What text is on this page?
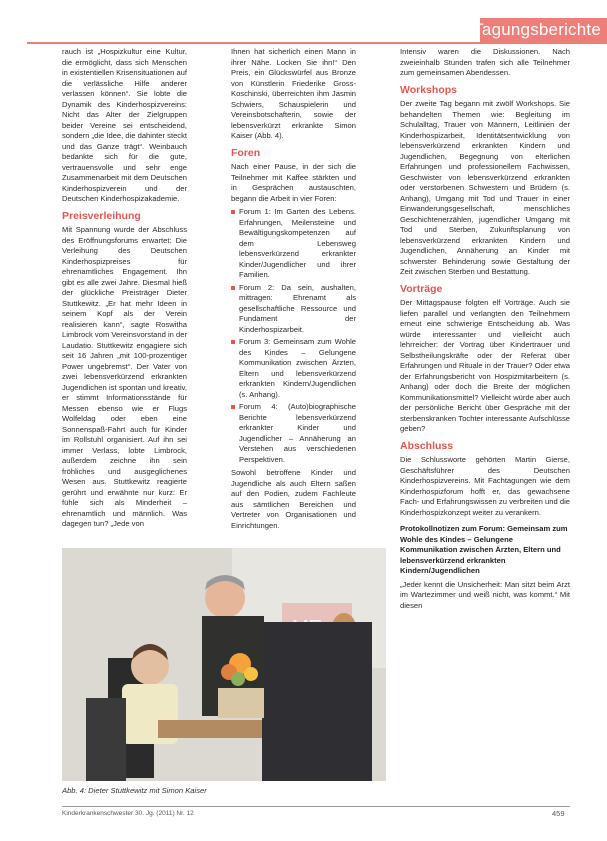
Tagungsberichte

rauch ist „Hospizkultur eine Kultur, die ermöglicht, dass sich Menschen in existentiellen Krisensituationen auf die verlässliche Hilfe anderer verlassen können“. Sie lobte die Dynamik des Kinderhospizvereins: Nicht das Alter der Zielgruppen beider Vereine sei entscheidend, sondern „die Idee, die dahinter steckt und das Ganze trägt“. Weinbauch bedankte sich für die gute, vertrauensvolle und sehr enge Zusammenarbeit mit dem Deutschen Kinderhospizverein und der Deutschen Kinderhospizakademie.

Preisverleihung

Mit Spannung wurde der Abschluss des Eröffnungsforums erwartet: Die Verleihung des Deutschen Kinderhospizpreises für ehrenamtliches Engagement. Ihn gibt es alle zwei Jahre. Diesmal hieß der glückliche Preisträger Dieter Stuttkewitz. „Er hat mehr Ideen in seinem Kopf als der Verein realisieren kann“, sagte Roswitha Limbrock vom Vereinsvorstand in der Laudatio. Stuttkewitz engagiere sich seit 16 Jahren „mit 100-prozentiger Power ungebremst“. Der Vater von zwei lebensverkürzend erkrankten Jugendlichen ist spontan und kreativ, er stimmt Informationsstände für Messen ebenso wie er Flugs Wolfeldag oder eben eine Sonnenspaß-Fahrt auch für Kinder im Rollstuhl organisiert. Auf ihn sei immer Verlass, lobte Limbrock, außerdem zeichne ihn sein fröhliches und ausgeglichenes Wesen aus. Stuttkewitz reagierte gerührt und erwähnte nur kurz: Er fühle sich als Minderheit – ehrenamtlich und männlich. Was dagegen tun? „Jede von

Ihnen hat sicherlich einen Mann in ihrer Nähe. Locken Sie ihn!“ Den Preis, ein Glückswürfel aus Bronze von Künstlerin Friederike Gross-Koschinski, überreichten ihm Jasmin Schwiers, Schauspielerin und Vereinsbotschafterin, sowie der lebensverkürzt erkrankte Simon Kaiser (Abb. 4).

Foren

Nach einer Pause, in der sich die Teilnehmer mit Kaffee stärkten und in Gesprächen austauschten, begann die Arbeit in vier Foren:

Forum 1: Im Garten des Lebens. Erfahrungen, Meilensteine und Bewältigungskompetenzen auf dem Lebensweg lebensverkürzend erkrankter Kinder/Jugendlicher und ihrer Familien.
Forum 2: Da sein, aushalten, mittragen: Ehrenamt als gesellschaftliche Ressource und Fundament der Kinderhospizarbeit.
Forum 3: Gemeinsam zum Wohle des Kindes – Gelungene Kommunikation zwischen Ärzten, Eltern und lebensverkürzend erkrankten Kindern/Jugendlichen (s. Anhang).
Forum 4: (Auto)biographische Berichte lebensverkürzend erkrankter Kinder und Jugendlicher – Annäherung an Verstehen aus verschiedenen Perspektiven.

Sowohl betroffene Kinder und Jugendliche als auch Eltern saßen auf den Podien, zudem Fachleute aus sämtlichen Bereichen und Vertreter von Organisationen und Einrichtungen.

Intensiv waren die Diskussionen. Nach zweieinhalb Stunden trafen sich alle Teilnehmer zum gemeinsamen Abendessen.

Workshops

Der zweite Tag begann mit zwölf Workshops. Sie behandelten Themen wie: Begleitung im Schulalltag, Trauer von Männern, Leitlinien der Kinderhospizarbeit, Identitätsentwicklung von lebensverkürzend erkrankten Kindern und Jugendlichen, Begegnung von elterlichen Erfahrungen und professionellem Fachwissen, Geschwister von lebensverkürzend erkrankten oder verstorbenen Schwestern und Brüdern (s. Anhang), Umgang mit Tod und Trauer in einer Einwanderungsgesellschaft, menschliches Geschichtenerzählen, jugendlicher Umgang mit Tod und Sterben, Zukunftsplanung von lebensverkürzend erkrankten Kindern und Jugendlichen, Annäherung an Kinder mit schwerster Behinderung sowie Gestaltung der Zeit zwischen Sterben und Bestattung.

Vorträge

Der Mittagspause folgten elf Vorträge. Auch sie liefen parallel und verlangten den Teilnehmern erneut eine schwierige Entscheidung ab. Was würde interessanter und vielleicht auch lehrreicher: der Vortrag über Kindertrauer und Selbstheilungskräfte oder der Referat über Erfahrungen und Rituale in der Trauer? Oder etwa der Erfahrungsbericht von Hospizmitarbeitern (s. Anhang) oder doch die Breite der möglichen Kommunikationsmittel? Vielleicht würde aber auch der persönliche Bericht über Gespräche mit der sterbenskranken Tochter interessante Aufschlüsse geben?

Abschluss

Die Schlussworte gehörten Martin Gierse, Geschäftsführer des Deutschen Kinderhospizvereins. Mit Fachtagungen wie dem Kinderhospizforum hofft er, das gewachsene Fach- und Erfahrungswissen zu verbreiten und die Kinderhospizkonzept weiter zu verankern.

Protokollnotizen zum Forum: Gemeinsam zum Wohle des Kindes – Gelungene Kommunikation zwischen Ärzten, Eltern und lebensverkürzend erkrankten Kindern/Jugendlichen

„Jeder kennt die Unsicherheit: Man sitzt beim Arzt im Wartezimmer und weiß nicht, was kommt.“ Mit diesen

Abb. 4: Dieter Stuttkewitz mit Simon Kaiser
Kinderkrankenschwester 30. Jg. (2011) Nr. 12	459
